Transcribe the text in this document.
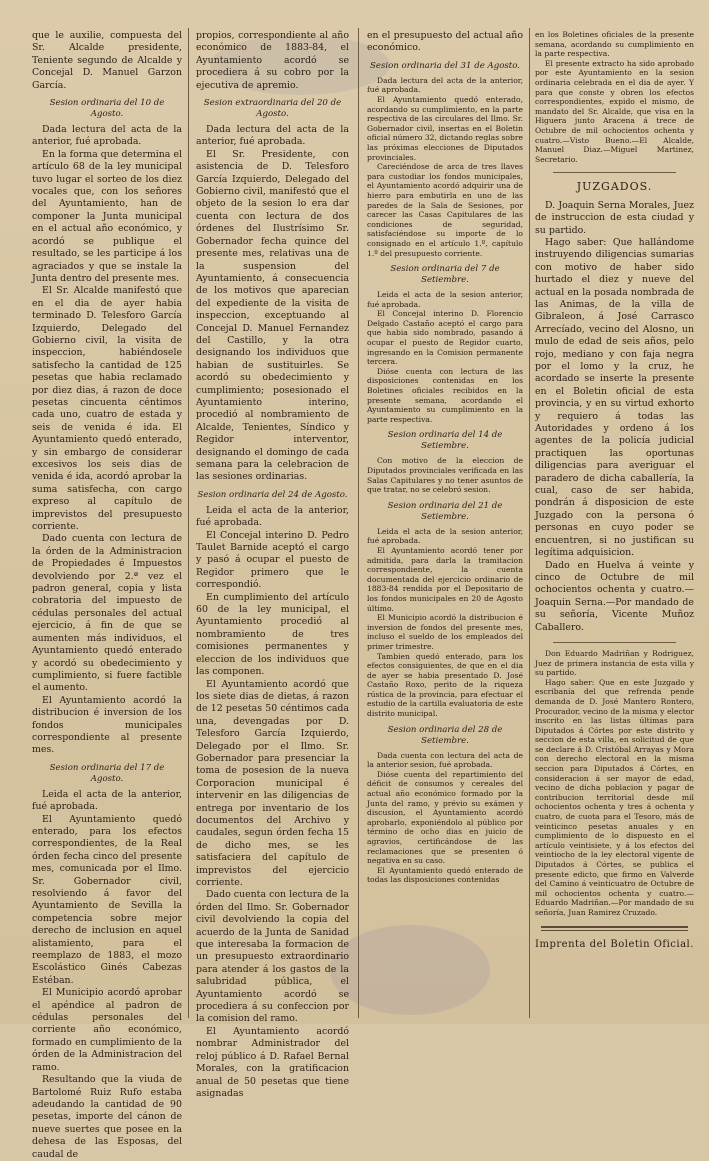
que le auxilie, compuesta del Sr. Alcalde presidente, Teniente segundo de Alcalde y Concejal D. Manuel Garzon García.

Sesion ordinaria del 10 de Agosto.

Dada lectura del acta de la anterior, fué aprobada.

En la forma que determina el artículo 68 de la ley municipal tuvo lugar el sorteo de los diez vocales que, con los señores del Ayuntamiento, han de componer la Junta municipal en el actual año económico, y acordó se publique el resultado, se les participe á los agraciados y que se instale la Junta dentro del presente mes.

El Sr. Alcalde manifestó que en el dia de ayer habia terminado D. Telesforo García Izquierdo, Delegado del Gobierno civil, la visita de inspeccion, habiéndosele satisfecho la cantidad de 125 pesetas que habia reclamado por diez dias, á razon de doce pesetas cincuenta céntimos cada uno, cuatro de estada y seis de venida é ida. El Ayuntamiento quedó enterado, y sin embargo de considerar excesivos los seis dias de venida é ida, acordó aprobar la suma satisfecha, con cargo expreso al capítulo de imprevistos del presupuesto corriente.

Dado cuenta con lectura de la órden de la Administracion de Propiedades é Impuestos devolviendo por 2.ª vez el padron general, copia y lista cobratoria del impuesto de cédulas personales del actual ejercicio, á fin de que se aumenten más individuos, el Ayuntamiento quedó enterado y acordó su obedecimiento y cumplimiento, si fuere factible el aumento.

El Ayuntamiento acordó la distribucion é inversion de los fondos municipales correspondiente al presente mes.

Sesion ordinaria del 17 de Agosto.

Leida el acta de la anterior, fué aprobada.

El Ayuntamiento quedó enterado, para los efectos correspondientes, de la Real órden fecha cinco del presente mes, comunicada por el Ilmo. Sr. Gobernador civil, resolviendo á favor del Ayuntamiento de Sevilla la competencia sobre mejor derecho de inclusion en aquel alistamiento, para el reemplazo de 1883, el mozo Escolástico Ginés Cabezas Estéban.

El Municipio acordó aprobar el apéndice al padron de cédulas personales del corriente año económico, formado en cumplimiento de la órden de la Administracion del ramo.

Resultando que la viuda de Bartolomé Ruiz Rufo estaba adeudando la cantidad de 90 pesetas, importe del cánon de nueve suertes que posee en la dehesa de las Esposas, del caudal de

propios, correspondiente al año económico de 1883-84, el Ayuntamiento acordó se procediera á su cobro por la ejecutiva de apremio.

Sesion extraordinaria del 20 de Agosto.

Dada lectura del acta de la anterior, fué aprobada.

El Sr. Presidente, con asistencia de D. Telesforo García Izquierdo, Delegado del Gobierno civil, manifestó que el objeto de la sesion lo era dar cuenta con lectura de dos órdenes del Ilustrísimo Sr. Gobernador fecha quince del presente mes, relativas una de la suspension del Ayuntamiento, á consecuencia de los motivos que aparecian del expediente de la visita de inspeccion, exceptuando al Concejal D. Manuel Fernandez del Castillo, y la otra designando los individuos que habian de sustituirles. Se acordó su obedecimiento y cumplimiento; posesionado el Ayuntamiento interino, procedió al nombramiento de Alcalde, Tenientes, Síndico y Regidor interventor, designando el domingo de cada semana para la celebracion de las sesiones ordinarias.

Sesion ordinaria del 24 de Agosto.

Leida el acta de la anterior, fué aprobada.

El Concejal interino D. Pedro Taulet Barnide aceptó el cargo y pasó á ocupar el puesto de Regidor primero que le correspondió.

En cumplimiento del artículo 60 de la ley municipal, el Ayuntamiento procedió al nombramiento de tres comisiones permanentes y eleccion de los individuos que las componen.

El Ayuntamiento acordó que los siete dias de dietas, á razon de 12 pesetas 50 céntimos cada una, devengadas por D. Telesforo García Izquierdo, Delegado por el Ilmo. Sr. Gobernador para presenciar la toma de posesion de la nueva Corporacion municipal é intervenir en las diligencias de entrega por inventario de los documentos del Archivo y caudales, segun órden fecha 15 de dicho mes, se les satisfaciera del capítulo de imprevistos del ejercicio corriente.

Dado cuenta con lectura de la órden del Ilmo. Sr. Gobernador civil devolviendo la copia del acuerdo de la Junta de Sanidad que interesaba la formacion de un presupuesto extraordinario para atender á los gastos de la salubridad pública, el Ayuntamiento acordó se procediera á su confeccion por la comision del ramo.

El Ayuntamiento acordó nombrar Administrador del reloj público á D. Rafael Bernal Morales, con la gratificacion anual de 50 pesetas que tiene asignadas

en el presupuesto del actual año económico.

Sesion ordinaria del 31 de Agosto.

Dada lectura del acta de la anterior, fué aprobada.

El Ayuntamiento quedó enterado, acordando su cumplimiento, en la parte respectiva de las circulares del Ilmo. Sr. Gobernador civil, insertas en el Boletin oficial número 32, dictando reglas sobre las próximas elecciones de Diputados provinciales.

Careciéndose de arca de tres llaves para custodiar los fondos municipales, el Ayuntamiento acordó adquirir una de hierro para embutirla en uno de las paredes de la Sala de Sesiones, por carecer las Casas Capitulares de las condiciones de seguridad, satisfaciéndose su importe de lo consignado en el artículo 1.º, capítulo 1.º del presupuesto corriente.

Sesion ordinaria del 7 de Setiembre.

Leida el acta de la sesion anterior, fué aprobada.

El Concejal interino D. Florencio Delgado Castaño aceptó el cargo para que habia sido nombrado, pasando á ocupar el puesto de Regidor cuarto, ingresando en la Comision permanente tercera.

Dióse cuenta con lectura de las disposiciones contenidas en los Boletines oficiales recibidos en la presente semana, acordando el Ayuntamiento su cumplimiento en la parte respectiva.

Sesion ordinaria del 14 de Setiembre.

Con motivo de la eleccion de Diputados provinciales verificada en las Salas Capitulares y no tener asuntos de que tratar, no se celebró sesion.

Sesion ordinaria del 21 de Setiembre.

Leida el acta de la sesion anterior, fué aprobada.

El Ayuntamiento acordó tener por admitida, para darla la tramitacion correspondiente, la cuenta documentada del ejercicio ordinario de 1883-84 rendida por el Depositario de los fondos municipales en 20 de Agosto último.

El Municipio acordó la distribucion é inversion de fondos del presente mes, incluso el sueldo de los empleados del primer trimestre.

Tambien quedó enterado, para los efectos consiguientes, de que en el dia de ayer se habia presentado D. José Castaño Roxo, perito de la riqueza rústica de la provincia, para efectuar el estudio de la cartilla evaluatoria de este distrito municipal.

Sesion ordinaria del 28 de Setiembre.

Dada cuenta con lectura del acta de la anterior sesion, fué aprobada.

Dióse cuenta del repartimiento del déficit de consumos y cereales del actual año económico formado por la Junta del ramo, y prévio su exámen y discusion, el Ayuntamiento acordó aprobarlo, exponiéndolo al público por término de ocho dias en juicio de agravios, certificándose de las reclamaciones que se presenten ó negativa en su caso.

El Ayuntamiento quedó enterado de todas las disposiciones contenidas

en los Boletines oficiales de la presente semana, acordando su cumplimiento en la parte respectiva.

El presente extracto ha sido aprobado por este Ayuntamiento en la sesion ordinaria celebrada en el dia de ayer. Y para que conste y obren los efectos correspondientes, expido el mismo, de mandato del Sr. Alcalde, que visa en la Higuera junto Aracena á trece de Octubre de mil ochocientos ochenta y cuatro.—Visto Bueno.—El Alcalde, Manuel Diaz.—Miguel Martinez, Secretario.

JUZGADOS.

D. Joaquin Serna Morales, Juez de instruccion de esta ciudad y su partido.

Hago saber: Que hallándome instruyendo diligencias sumarias con motivo de haber sido hurtado el diez y nueve del actual en la posada nombrada de las Animas, de la villa de Gibraleon, á José Carrasco Arrecíado, vecino del Alosno, un mulo de edad de seis años, pelo rojo, mediano y con faja negra por el lomo y la cruz, he acordado se inserte la presente en el Boletin oficial de esta provincia, y en su virtud exhorto y requiero á todas las Autoridades y ordeno á los agentes de la policía judicial practiquen las oportunas diligencias para averiguar el paradero de dicha caballería, la cual, caso de ser habida, pondrán á disposicion de este Juzgado con la persona ó personas en cuyo poder se encuentren, si no justifican su legítima adquisicion.

Dado en Huelva á veinte y cinco de Octubre de mil ochocientos ochenta y cuatro.—Joaquin Serna.—Por mandado de su señoría, Vicente Muñoz Caballero.

Don Eduardo Madriñan y Rodriguez, Juez de primera instancia de esta villa y su partido.

Hago saber: Que en este Juzgado y escribanía del que refrenda pende demanda de D. José Mantero Rontero, Procurador, vecino de la misma y elector inscrito en las listas últimas para Diputados á Córtes por este distrito y seccion de esta villa, en solicitud de que se declare á D. Cristóbal Arrayas y Mora con derecho electoral en la misma seccion para Diputados á Córtes, en consideracion á ser mayor de edad, vecino de dicha poblacion y pagar de contribucion territorial desde mil ochocientos ochenta y tres á ochenta y cuatro, de cuota para el Tesoro, más de veinticinco pesetas anuales y en cumplimiento de lo dispuesto en el artículo veintisiete, y á los efectos del veintiocho de la ley electoral vigente de Diputados á Córtes, se publica el presente edicto, que firmo en Valverde del Camino á veinticuatro de Octubre de mil ochocientos ochenta y cuatro.—Eduardo Madriñan.—Por mandado de su señoría, Juan Ramirez Cruzado.

Imprenta del Boletin Oficial.
